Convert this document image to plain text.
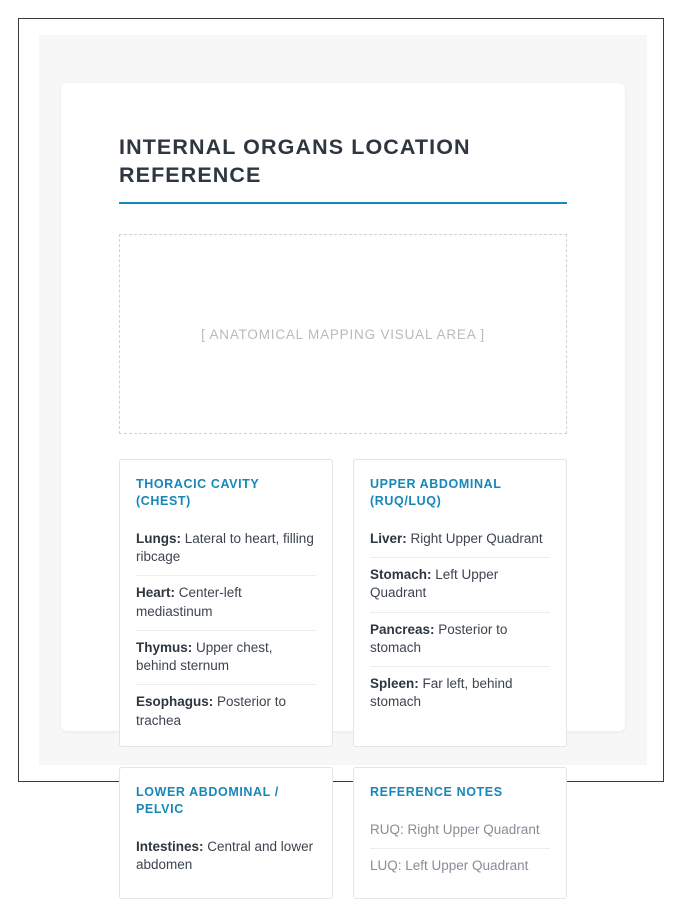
INTERNAL ORGANS LOCATION REFERENCE
[ ANATOMICAL MAPPING VISUAL AREA ]
THORACIC CAVITY (CHEST)
Lungs: Lateral to heart, filling ribcage
Heart: Center-left mediastinum
Thymus: Upper chest, behind sternum
Esophagus: Posterior to trachea
UPPER ABDOMINAL (RUQ/LUQ)
Liver: Right Upper Quadrant
Stomach: Left Upper Quadrant
Pancreas: Posterior to stomach
Spleen: Far left, behind stomach
LOWER ABDOMINAL / PELVIC
Intestines: Central and lower abdomen
REFERENCE NOTES
RUQ: Right Upper Quadrant
LUQ: Left Upper Quadrant
